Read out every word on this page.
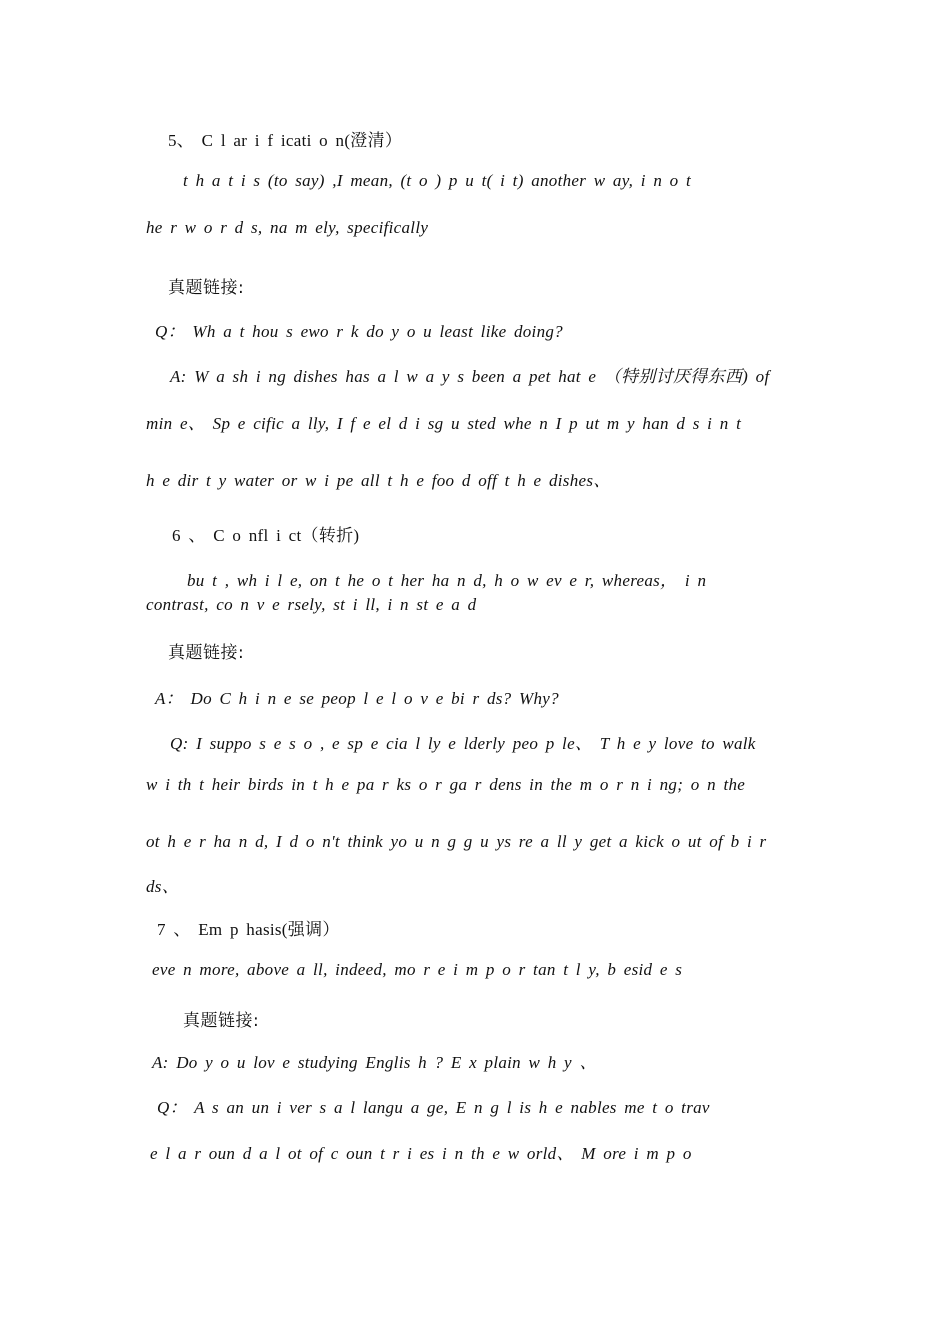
5、 C l ar i f icati o n(澄清）
t h a t i s (to say) ,I mean, (t o ) p u t( i t) another w ay, i n o t
he r w o r d s, na m ely, specifically
真题链接:
Q： Wh a t hou s ewo r k do y o u least like doing?
A: W a sh i ng dishes has a l w a y s been a pet hat e （特别讨厌得东西) of
min e、 Sp e cific a lly, I f e el d i sg u sted whe n I p ut m y han d s i n t
h e dir t y water or w i pe all t h e foo d off t h e dishes、
6 、 C o nfl i ct（转折)
bu t , wh i l e, on t he o t her ha n d, h o w ev e r, whereas， i n
contrast, co n v e rsely, st i ll, i n st e a d
真题链接:
A： Do C h i n e se peop l e l o v e bi r ds? Why?
Q: I suppo s e s o , e sp e cia l ly e lderly peo p le、 T h e y love to walk
w i th t heir birds in t h e pa r ks o r ga r dens in the m o r n i ng; o n the
ot h e r ha n d, I d o n't think yo u n g g u ys re a ll y get a kick o ut of b i r
ds、
7 、 Em p hasis(强调）
eve n more, above a ll, indeed, mo r e i m p o r tan t l y, b esid e s
真题链接:
A: Do y o u lov e studying Englis h ? E x plain w h y 、
Q： A s an un i ver s a l langu a ge, E n g l is h e nables me t o trav
e l a r oun d a l ot of c oun t r i es i n th e w orld、 M ore i m p o
